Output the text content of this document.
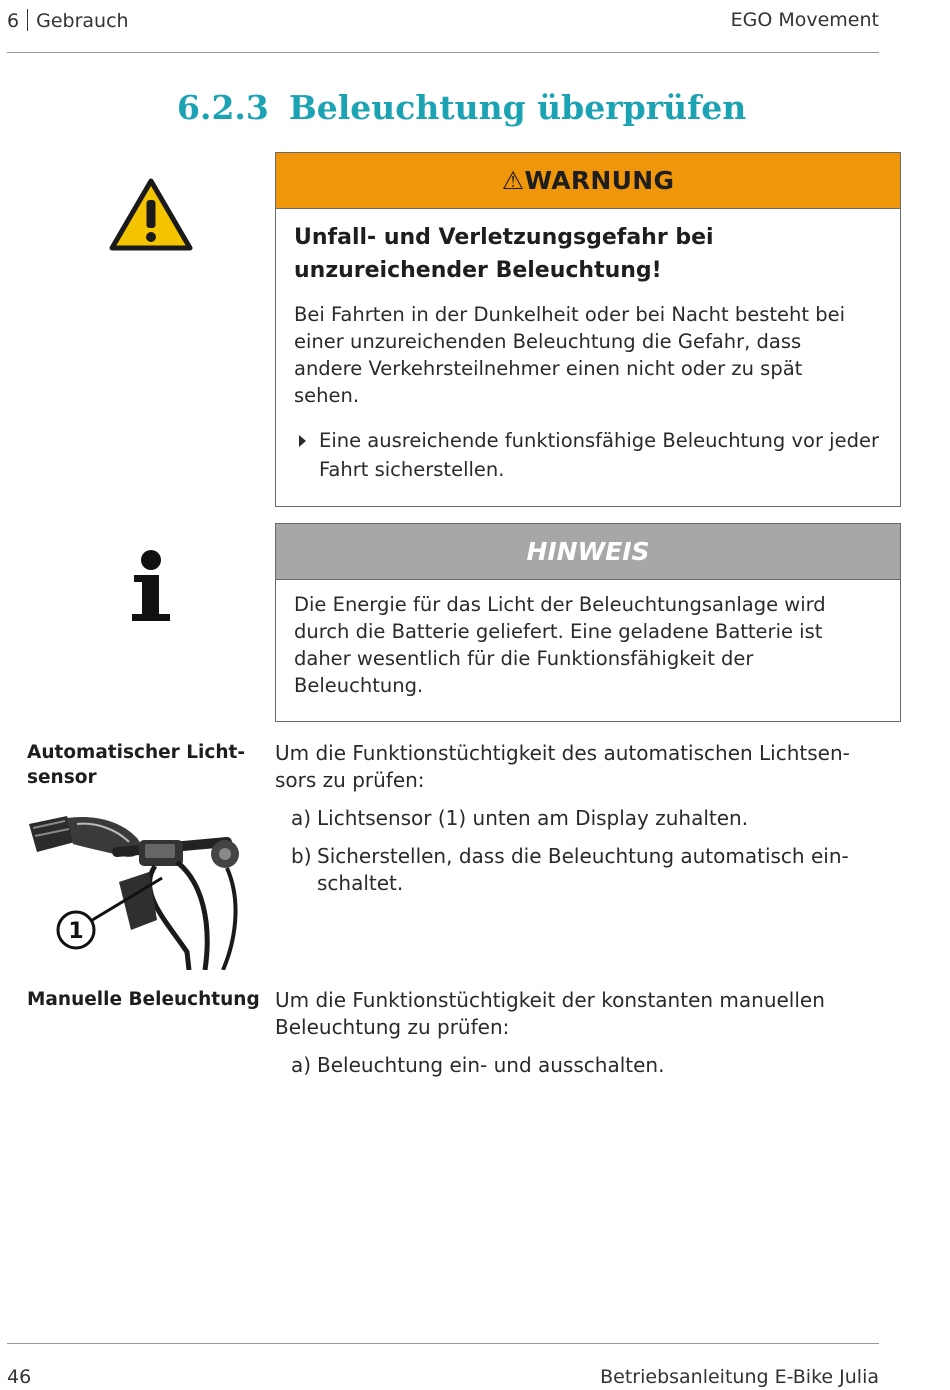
6 Gebrauch	EGO Movement
6.2.3 Beleuchtung überprüfen
⚠WARNUNG

Unfall- und Verletzungsgefahr bei
unzureichender Beleuchtung!

Bei Fahrten in der Dunkelheit oder bei Nacht besteht bei einer unzureichenden Beleuchtung die Gefahr, dass andere Verkehrsteilnehmer einen nicht oder zu spät sehen.

Eine ausreichende funktionsfähige Beleuchtung vor jeder Fahrt sicherstellen.
HINWEIS

Die Energie für das Licht der Beleuchtungsanlage wird durch die Batterie geliefert. Eine geladene Batterie ist daher wesentlich für die Funktionsfähigkeit der Beleuchtung.

Automatischer Licht-
sensor
Um die Funktionstüchtigkeit des automatischen Lichtsen-
sors zu prüfen:
a) Lichtsensor (1) unten am Display zuhalten.
b) Sicherstellen, dass die Beleuchtung automatisch ein-
schaltet.
1
Manuelle Beleuchtung Um die Funktionstüchtigkeit der konstanten manuellen
Beleuchtung zu prüfen:
a) Beleuchtung ein- und ausschalten.
46	Betriebsanleitung E-Bike Julia
